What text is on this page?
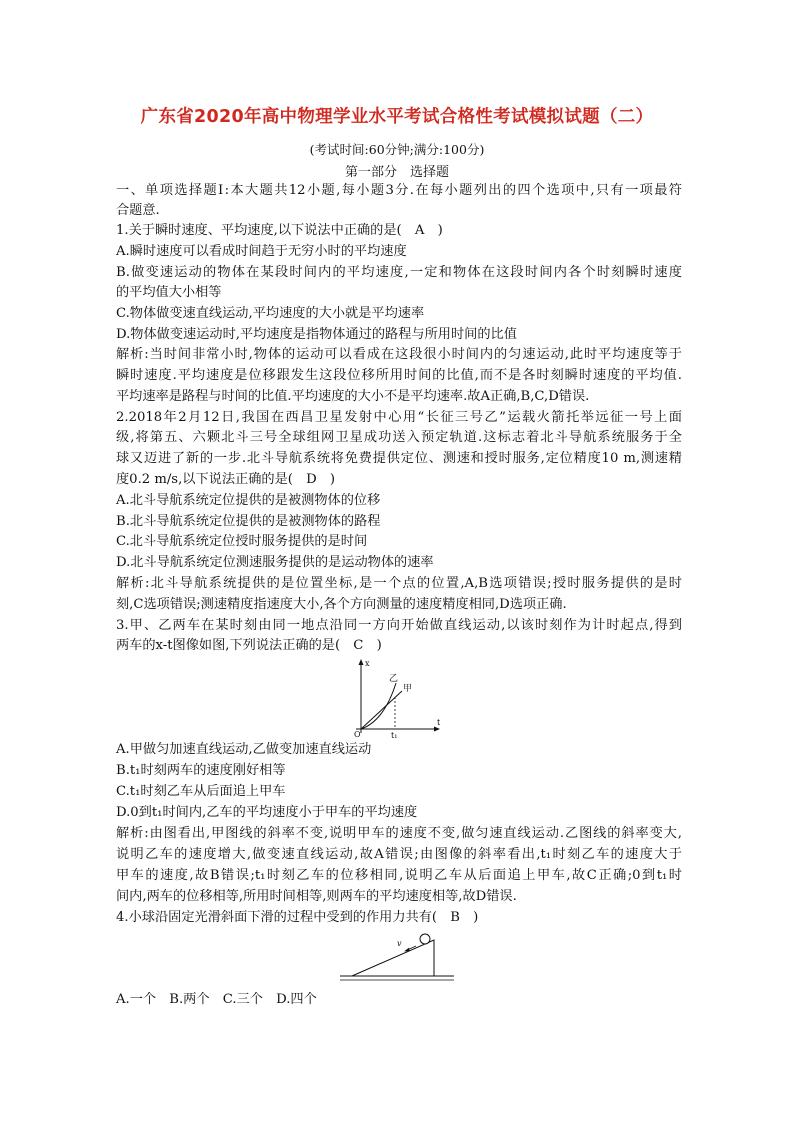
广东省2020年高中物理学业水平考试合格性考试模拟试题（二）
(考试时间:60分钟;满分:100分)
第一部分　选择题
一、单项选择题Ⅰ:本大题共12小题,每小题3分.在每小题列出的四个选项中,只有一项最符
合题意.
1.关于瞬时速度、平均速度,以下说法中正确的是(　A　)
A.瞬时速度可以看成时间趋于无穷小时的平均速度
B.做变速运动的物体在某段时间内的平均速度,一定和物体在这段时间内各个时刻瞬时速度
的平均值大小相等
C.物体做变速直线运动,平均速度的大小就是平均速率
D.物体做变速运动时,平均速度是指物体通过的路程与所用时间的比值
解析:当时间非常小时,物体的运动可以看成在这段很小时间内的匀速运动,此时平均速度等于
瞬时速度.平均速度是位移跟发生这段位移所用时间的比值,而不是各时刻瞬时速度的平均值.
平均速率是路程与时间的比值.平均速度的大小不是平均速率.故A正确,B,C,D错误.
2.2018年2月12日,我国在西昌卫星发射中心用“长征三号乙”运载火箭托举远征一号上面
级,将第五、六颗北斗三号全球组网卫星成功送入预定轨道.这标志着北斗导航系统服务于全
球又迈进了新的一步.北斗导航系统将免费提供定位、测速和授时服务,定位精度10 m,测速精
度0.2 m/s,以下说法正确的是(　D　)
A.北斗导航系统定位提供的是被测物体的位移
B.北斗导航系统定位提供的是被测物体的路程
C.北斗导航系统定位授时服务提供的是时间
D.北斗导航系统定位测速服务提供的是运动物体的速率
解析:北斗导航系统提供的是位置坐标,是一个点的位置,A,B选项错误;授时服务提供的是时
刻,C选项错误;测速精度指速度大小,各个方向测量的速度精度相同,D选项正确.
3.甲、乙两车在某时刻由同一地点沿同一方向开始做直线运动,以该时刻作为计时起点,得到
两车的x-t图像如图,下列说法正确的是(　C　)
x
t
O	t₁
乙
甲
A.甲做匀加速直线运动,乙做变加速直线运动
B.t₁时刻两车的速度刚好相等
C.t₁时刻乙车从后面追上甲车
D.0到t₁时间内,乙车的平均速度小于甲车的平均速度
解析:由图看出,甲图线的斜率不变,说明甲车的速度不变,做匀速直线运动.乙图线的斜率变大,
说明乙车的速度增大,做变速直线运动,故A错误;由图像的斜率看出,t₁时刻乙车的速度大于
甲车的速度,故B错误;t₁时刻乙车的位移相同,说明乙车从后面追上甲车,故C正确;0到t₁时
间内,两车的位移相等,所用时间相等,则两车的平均速度相等,故D错误.
4.小球沿固定光滑斜面下滑的过程中受到的作用力共有(　B　)
v
A.一个　B.两个　C.三个　D.四个
